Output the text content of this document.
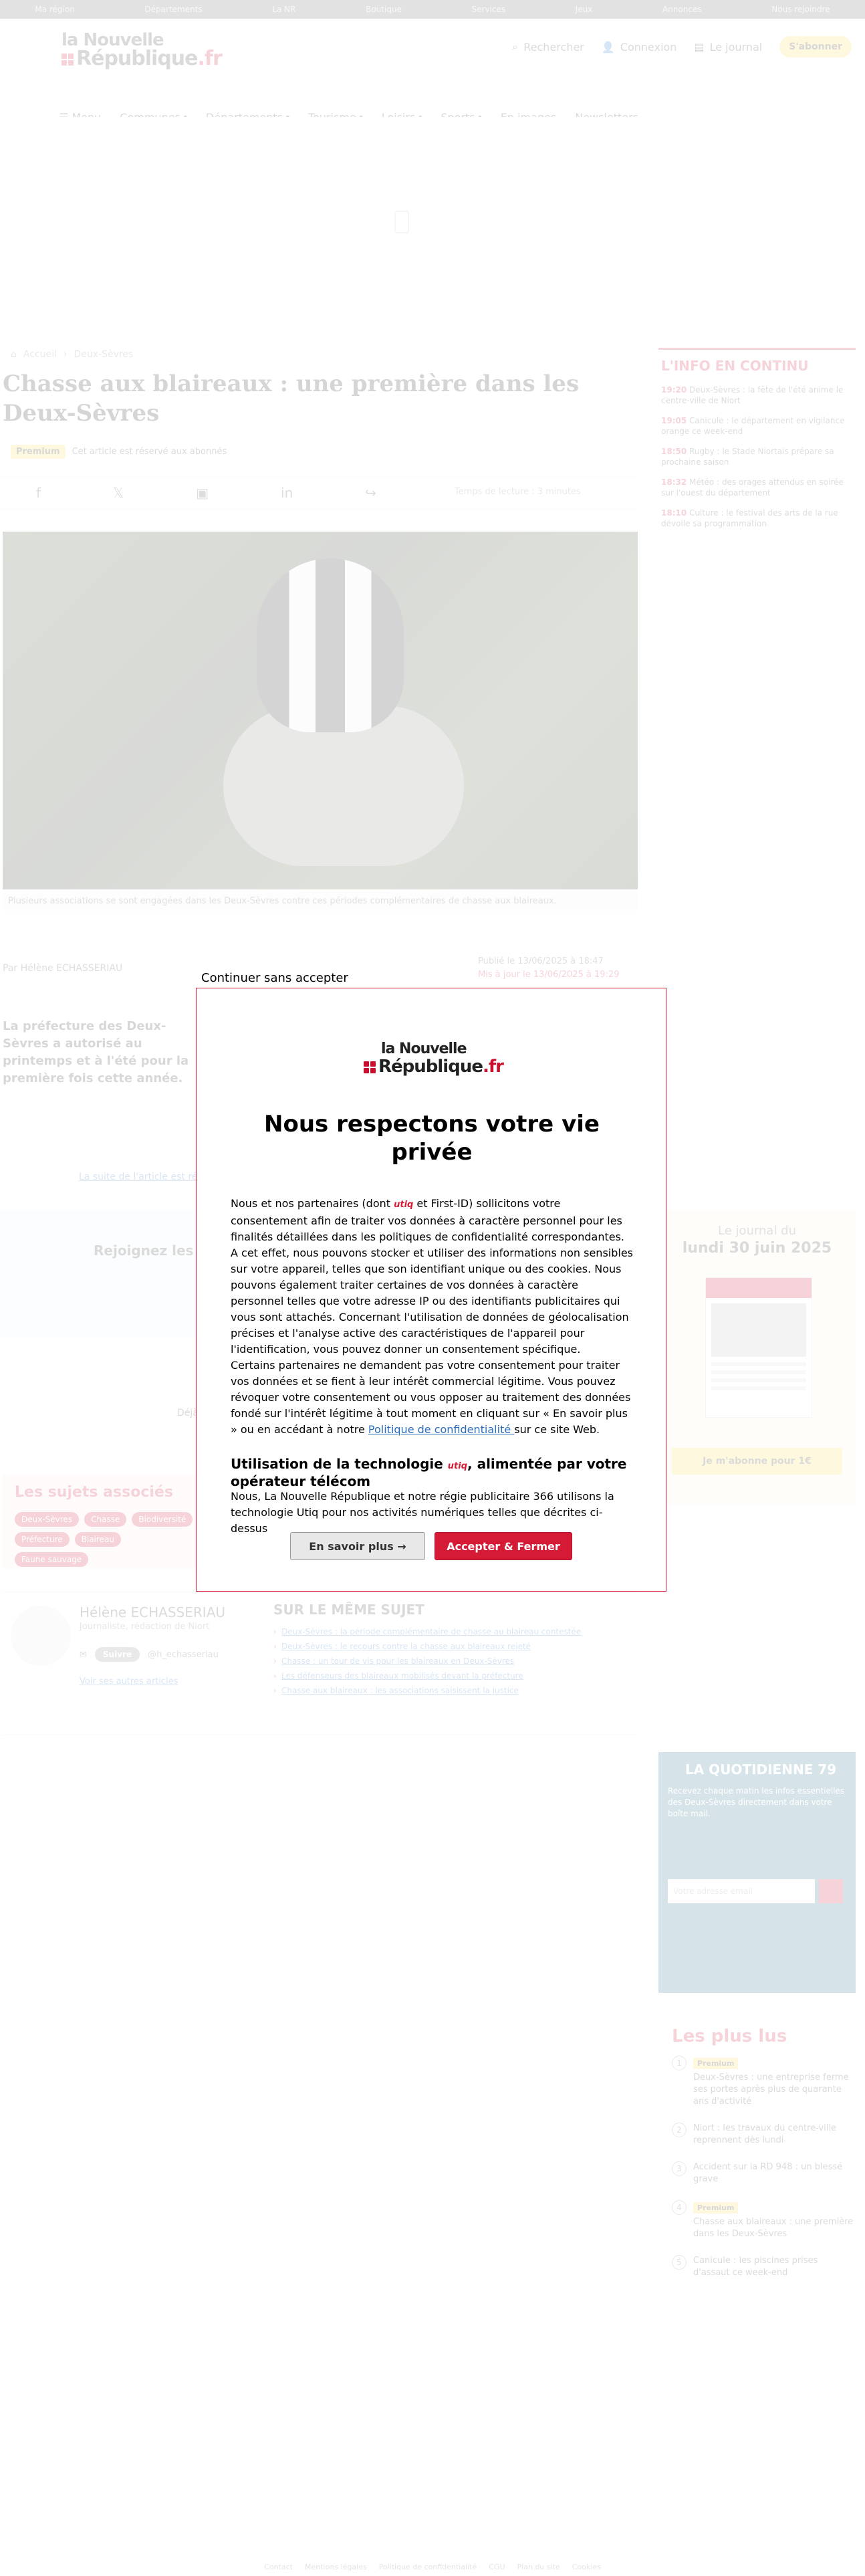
›
›
›
›
›
Continuer sans accepter
la Nouvelle
République.fr
Nous respectons votre vie privée

Nous et nos partenaires (dont utiq et First-ID) sollicitons votre consentement afin de traiter vos données à caractère personnel pour les finalités détaillées dans les politiques de confidentialité correspondantes.

A cet effet, nous pouvons stocker et utiliser des informations non sensibles sur votre appareil, telles que son identifiant unique ou des cookies. Nous pouvons également traiter certaines de vos données à caractère personnel telles que votre adresse IP ou des identifiants publicitaires qui vous sont attachés. Concernant l'utilisation de données de géolocalisation précises et l'analyse active des caractéristiques de l'appareil pour l'identification, vous pouvez donner un consentement spécifique.

Certains partenaires ne demandent pas votre consentement pour traiter vos données et se fient à leur intérêt commercial légitime. Vous pouvez révoquer votre consentement ou vous opposer au traitement des données fondé sur l'intérêt légitime à tout moment en cliquant sur « En savoir plus » ou en accédant à notre Politique de confidentialité sur ce site Web.

Utilisation de la technologie utiq, alimentée par votre opérateur télécom

Nous, La Nouvelle République et notre régie publicitaire 366 utilisons la technologie Utiq pour nos activités numériques telles que décrites ci-dessus

En savoir plus →	Accepter & Fermer
